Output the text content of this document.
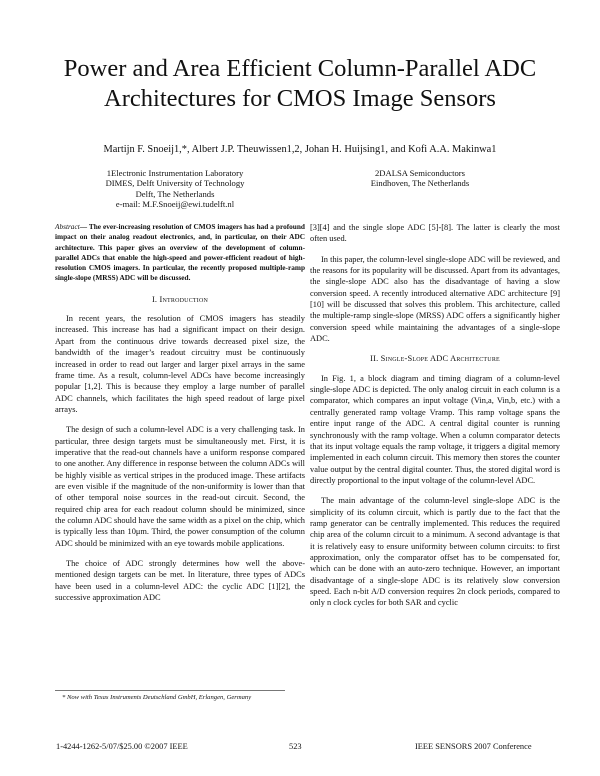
Power and Area Efficient Column-Parallel ADC
Architectures for CMOS Image Sensors
Martijn F. Snoeij1,*, Albert J.P. Theuwissen1,2, Johan H. Huijsing1, and Kofi A.A. Makinwa1
1Electronic Instrumentation Laboratory
DIMES, Delft University of Technology
Delft, The Netherlands
e-mail: M.F.Snoeij@ewi.tudelft.nl
2DALSA Semiconductors
Eindhoven, The Netherlands

Abstract— The ever-increasing resolution of CMOS imagers has had a profound impact on their analog readout electronics, and, in particular, on their ADC architecture. This paper gives an overview of the development of column-parallel ADCs that enable the high-speed and power-efficient readout of high-resolution CMOS imagers. In particular, the recently proposed multiple-ramp single-slope (MRSS) ADC will be discussed.

I. Introduction

In recent years, the resolution of CMOS imagers has steadily increased. This increase has had a significant impact on their design. Apart from the continuous drive towards decreased pixel size, the bandwidth of the imager’s readout circuitry must be continuously increased in order to read out larger and larger pixel arrays in the same frame time. As a result, column-level ADCs have become increasingly popular [1,2]. This is because they employ a large number of parallel ADC channels, which facilitates the high speed readout of large pixel arrays.

The design of such a column-level ADC is a very challenging task. In particular, three design targets must be simultaneously met. First, it is imperative that the read-out channels have a uniform response compared to one another. Any difference in response between the column ADCs will be highly visible as vertical stripes in the produced image. These artifacts are even visible if the magnitude of the non-uniformity is lower than that of other temporal noise sources in the read-out circuit. Second, the required chip area for each readout column should be minimized, since the column ADC should have the same width as a pixel on the chip, which is typically less than 10μm. Third, the power consumption of the column ADC should be minimized with an eye towards mobile applications.

The choice of ADC strongly determines how well the above-mentioned design targets can be met. In literature, three types of ADCs have been used in a column-level ADC: the cyclic ADC [1][2], the successive approximation ADC

[3][4] and the single slope ADC [5]-[8]. The latter is clearly the most often used.

In this paper, the column-level single-slope ADC will be reviewed, and the reasons for its popularity will be discussed. Apart from its advantages, the single-slope ADC also has the disadvantage of having a slow conversion speed. A recently introduced alternative ADC architecture [9][10] will be discussed that solves this problem. This architecture, called the multiple-ramp single-slope (MRSS) ADC offers a significantly higher conversion speed while maintaining the advantages of a single-slope ADC.

II. Single-Slope ADC Architecture

In Fig. 1, a block diagram and timing diagram of a column-level single-slope ADC is depicted. The only analog circuit in each column is a comparator, which compares an input voltage (Vin,a, Vin,b, etc.) with a centrally generated ramp voltage Vramp. This ramp voltage spans the entire input range of the ADC. A central digital counter is running synchronously with the ramp voltage. When a column comparator detects that its input voltage equals the ramp voltage, it triggers a digital memory implemented in each column circuit. This memory then stores the counter value output by the central digital counter. Thus, the stored digital word is directly proportional to the input voltage of the column-level ADC.

The main advantage of the column-level single-slope ADC is the simplicity of its column circuit, which is partly due to the fact that the ramp generator can be centrally implemented. This reduces the required chip area of the column circuit to a minimum. A second advantage is that it is relatively easy to ensure uniformity between column circuits: to first approximation, only the comparator offset has to be compensated for, which can be done with an auto-zero technique. However, an important disadvantage of a single-slope ADC is its relatively slow conversion speed. Each n-bit A/D conversion requires 2n clock periods, compared to only n clock cycles for both SAR and cyclic

* Now with Texas Instruments Deutschland GmbH, Erlangen, Germany
1-4244-1262-5/07/$25.00 ©2007 IEEE	523	IEEE SENSORS 2007 Conference
